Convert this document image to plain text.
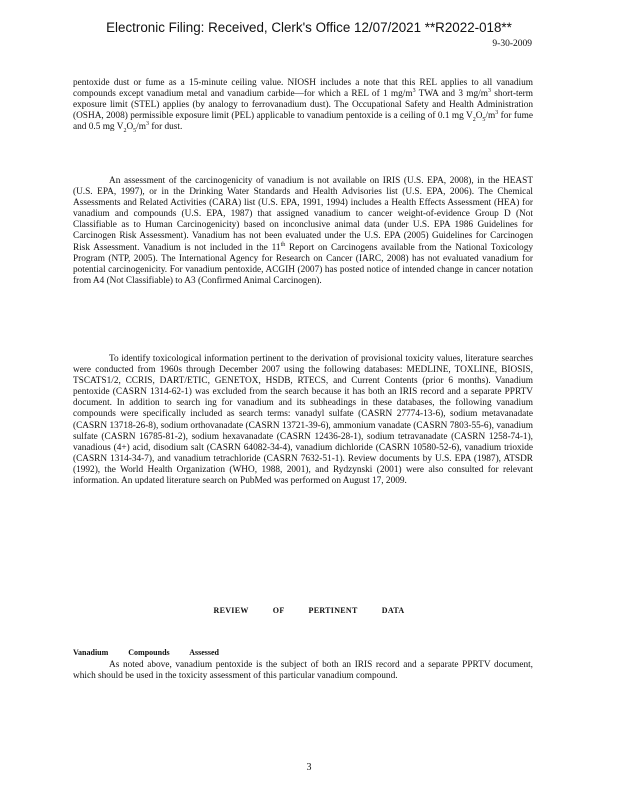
Electronic Filing: Received, Clerk's Office 12/07/2021 **R2022-018**
9-30-2009

pentoxide dust or fume as a 15-minute ceiling value. NIOSH includes a note that this REL applies to all vanadium compounds except vanadium metal and vanadium carbide—for which a REL of 1 $mg/m^3$ TWA and 3 $mg/m^3$ short-term exposure limit (STEL) applies (by analogy to ferrovanadium dust). The Occupational Safety and Health Administration (OSHA, 2008) permissible exposure limit (PEL) applicable to vanadium pentoxide is a ceiling of 0.1 mg $V_2O_5/m^3$ for fume and 0.5 mg $V_2O_5/m^3$ for dust.

An assessment of the carcinogenicity of vanadium is not available on IRIS (U.S. EPA, 2008), in the HEAST (U.S. EPA, 1997), or in the Drinking Water Standards and Health Advisories list (U.S. EPA, 2006). The Chemical Assessments and Related Activities (CARA) list (U.S. EPA, 1991, 1994) includes a Health Effects Assessment (HEA) for vanadium and compounds (U.S. EPA, 1987) that assigned vanadium to cancer weight-of-evidence Group D (Not Classifiable as to Human Carcinogenicity) based on inconclusive animal data (under U.S. EPA 1986 Guidelines for Carcinogen Risk Assessment). Vanadium has not been evaluated under the U.S. EPA (2005) Guidelines for Carcinogen Risk Assessment. Vanadium is not included in the 11th Report on Carcinogens available from the National Toxicology Program (NTP, 2005). The International Agency for Research on Cancer (IARC, 2008) has not evaluated vanadium for potential carcinogenicity. For vanadium pentoxide, ACGIH (2007) has posted notice of intended change in cancer notation from A4 (Not Classifiable) to A3 (Confirmed Animal Carcinogen).

To identify toxicological information pertinent to the derivation of provisional toxicity values, literature searches were conducted from 1960s through December 2007 using the following databases: MEDLINE, TOXLINE, BIOSIS, TSCATS1/2, CCRIS, DART/ETIC, GENETOX, HSDB, RTECS, and Current Contents (prior 6 months). Vanadium pentoxide (CASRN 1314-62-1) was excluded from the search because it has both an IRIS record and a separate PPRTV document. In addition to search ing for vanadium and its subheadings in these databases, the following vanadium compounds were specifically included as search terms: vanadyl sulfate (CASRN 27774-13-6), sodium metavanadate (CASRN 13718-26-8), sodium orthovanadate (CASRN 13721-39-6), ammonium vanadate (CASRN 7803-55-6), vanadium sulfate (CASRN 16785-81-2), sodium hexavanadate (CASRN 12436-28-1), sodium tetravanadate (CASRN 1258-74-1), vanadious (4+) acid, disodium salt (CASRN 64082-34-4), vanadium dichloride (CASRN 10580-52-6), vanadium trioxide (CASRN 1314-34-7), and vanadium tetrachloride (CASRN 7632-51-1). Review documents by U.S. EPA (1987), ATSDR (1992), the World Health Organization (WHO, 1988, 2001), and Rydzynski (2001) were also consulted for relevant information. An updated literature search on PubMed was performed on August 17, 2009.

REVIEW OF PERTINENT DATA
Vanadium Compounds Assessed

As noted above, vanadium pentoxide is the subject of both an IRIS record and a separate PPRTV document, which should be used in the toxicity assessment of this particular vanadium compound.

3
